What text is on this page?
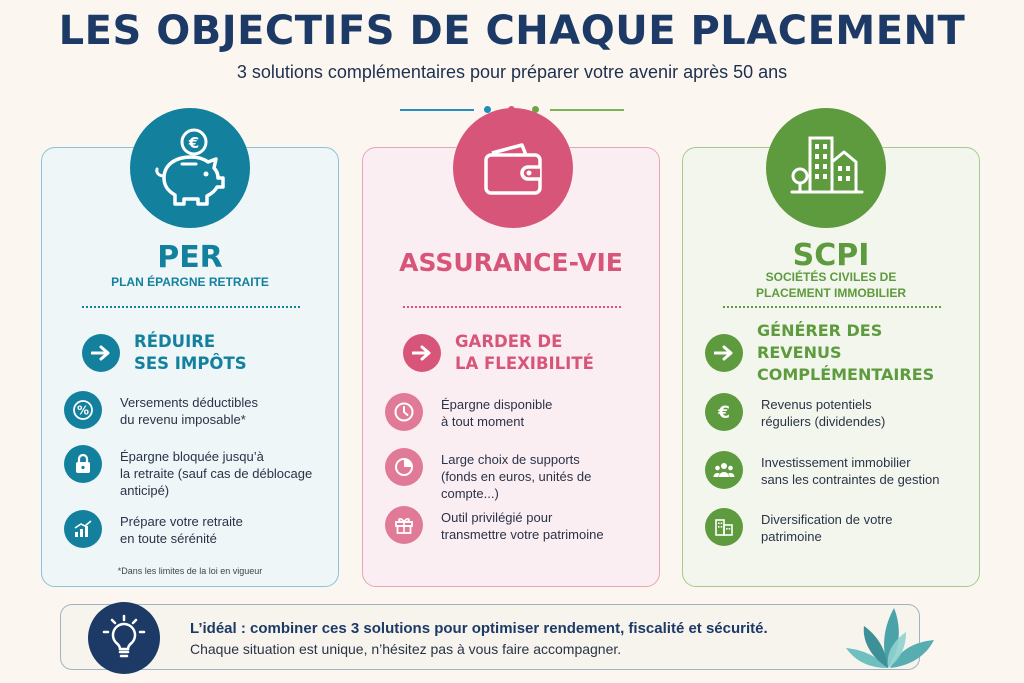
LES OBJECTIFS DE CHAQUE PLACEMENT
3 solutions complémentaires pour préparer votre avenir après 50 ans
PER
PLAN ÉPARGNE RETRAITE
RÉDUIRE
SES IMPÔTS
%
Versements déductibles
du revenu imposable*
Épargne bloquée jusqu’à
la retraite (sauf cas de déblocage
anticipé)
Prépare votre retraite
en toute sérénité
*Dans les limites de la loi en vigueur
ASSURANCE-VIE
GARDER DE
LA FLEXIBILITÉ
Épargne disponible
à tout moment
Large choix de supports
(fonds en euros, unités de compte...)
Outil privilégié pour
transmettre votre patrimoine
SCPI
SOCIÉTÉS CIVILES DE
PLACEMENT IMMOBILIER
GÉNÉRER DES REVENUS
COMPLÉMENTAIRES
€ Revenus potentiels
réguliers (dividendes)
Investissement immobilier
sans les contraintes de gestion
Diversification de votre
patrimoine
€
L’idéal : combiner ces 3 solutions pour optimiser rendement, fiscalité et sécurité.
Chaque situation est unique, n’hésitez pas à vous faire accompagner.
